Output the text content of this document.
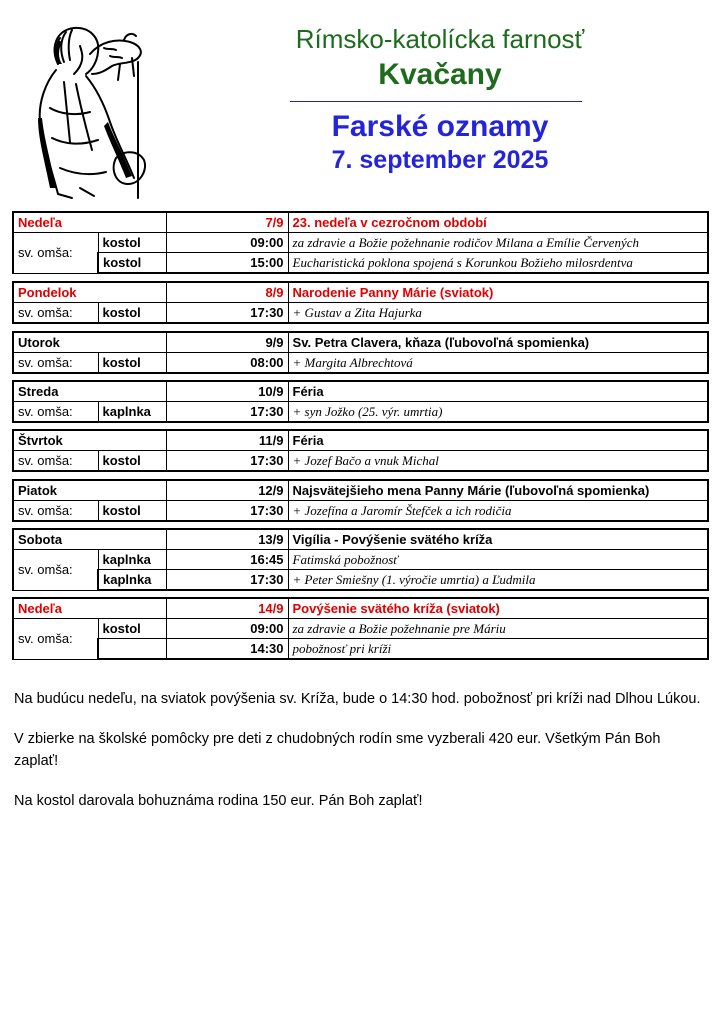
Rímsko-katolícka farnosť
Kvačany
Farské oznamy
7. september 2025
Nedeľa		7/9	23. nedeľa v cezročnom období
sv. omša:	kostol	09:00	za zdravie a Božie požehnanie rodičov Milana a Emílie Červených
	kostol	15:00	Eucharistická poklona spojená s Korunkou Božieho milosrdentva
Pondelok		8/9	Narodenie Panny Márie (sviatok)
sv. omša:	kostol	17:30	+ Gustav a Zita Hajurka
Utorok		9/9	Sv. Petra Clavera, kňaza (ľubovoľná spomienka)
sv. omša:	kostol	08:00	+ Margita Albrechtová
Streda		10/9	Féria
sv. omša:	kaplnka	17:30	+ syn Jožko (25. výr. umrtia)
Štvrtok		11/9	Féria
sv. omša:	kostol	17:30	+ Jozef Bačo a vnuk Michal
Piatok		12/9	Najsvätejšieho mena Panny Márie (ľubovoľná spomienka)
sv. omša:	kostol	17:30	+ Jozefína a Jaromír Štefček a ich rodičia
Sobota		13/9	Vigília - Povýšenie svätého kríža
sv. omša:	kaplnka	16:45	Fatimská pobožnosť
	kaplnka	17:30	+ Peter Smiešny (1. výročie umrtia) a Ľudmila
Nedeľa		14/9	Povýšenie svätého kríža (sviatok)
sv. omša:	kostol	09:00	za zdravie a Božie požehnanie pre Máriu
		14:30	pobožnosť pri kríži

Na budúcu nedeľu, na sviatok povýšenia sv. Kríža, bude o 14:30 hod. pobožnosť pri kríži nad Dlhou Lúkou.

V zbierke na školské pomôcky pre deti z chudobných rodín sme vyzberali 420 eur. Všetkým Pán Boh zaplať!

Na kostol darovala bohuznáma rodina 150 eur. Pán Boh zaplať!
